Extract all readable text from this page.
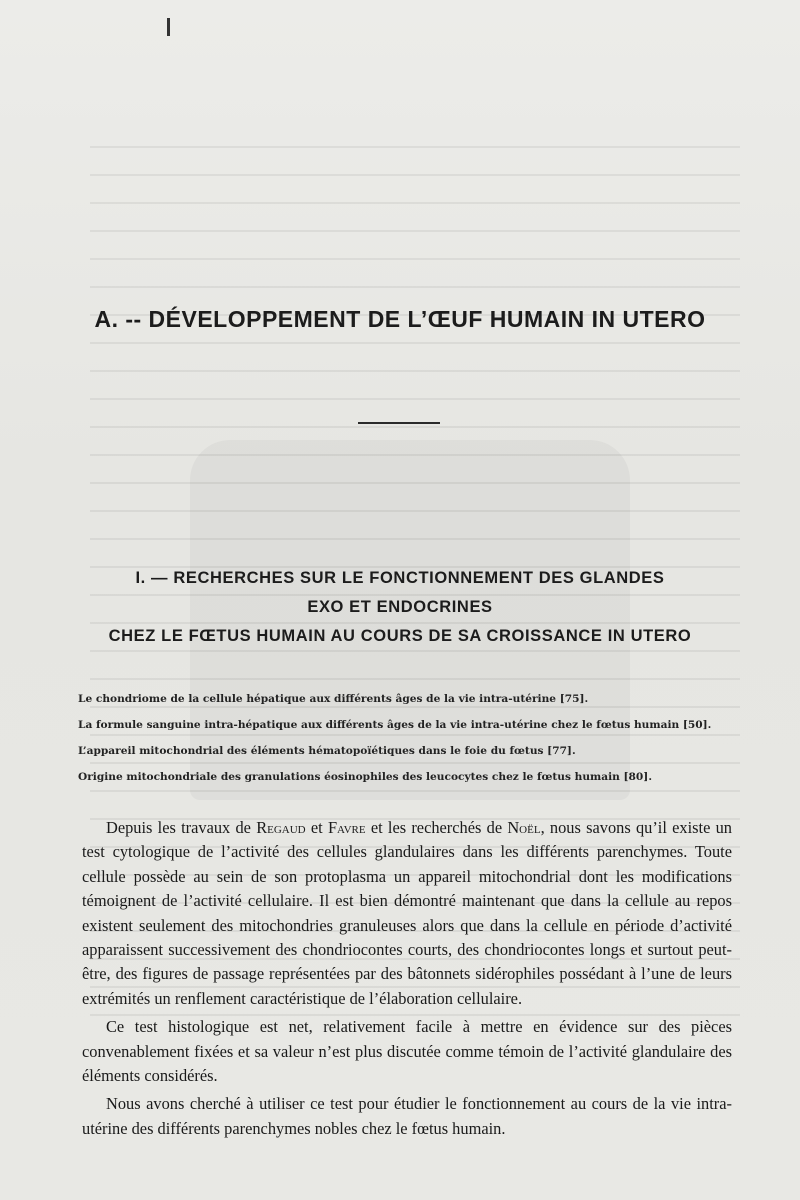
A. -- DÉVELOPPEMENT DE L’ŒUF HUMAIN IN UTERO
I. — RECHERCHES SUR LE FONCTIONNEMENT DES GLANDES
EXO ET ENDOCRINES
CHEZ LE FŒTUS HUMAIN AU COURS DE SA CROISSANCE IN UTERO
Le chondriome de la cellule hépatique aux différents âges de la vie intra-utérine [75].
La formule sanguine intra-hépatique aux différents âges de la vie intra-utérine chez le fœtus humain [50].
L’appareil mitochondrial des éléments hématopoïétiques dans le foie du fœtus [77].
Origine mitochondriale des granulations éosinophiles des leucocytes chez le fœtus humain [80].

Depuis les travaux de Regaud et Favre et les recherchés de Noël, nous savons qu’il existe un test cytologique de l’activité des cellules glandulaires dans les différents parenchymes. Toute cellule possède au sein de son protoplasma un appareil mitochondrial dont les modifications témoignent de l’activité cellulaire. Il est bien démontré maintenant que dans la cellule au repos existent seulement des mitochondries granuleuses alors que dans la cellule en période d’activité apparaissent successivement des chondriocontes courts, des chondriocontes longs et surtout peut-être, des figures de passage représentées par des bâtonnets sidérophiles possédant à l’une de leurs extrémités un renflement caractéristique de l’élaboration cellulaire.

Ce test histologique est net, relativement facile à mettre en évidence sur des pièces convenablement fixées et sa valeur n’est plus discutée comme témoin de l’activité glandulaire des éléments considérés.

Nous avons cherché à utiliser ce test pour étudier le fonctionnement au cours de la vie intra-utérine des différents parenchymes nobles chez le fœtus humain.
